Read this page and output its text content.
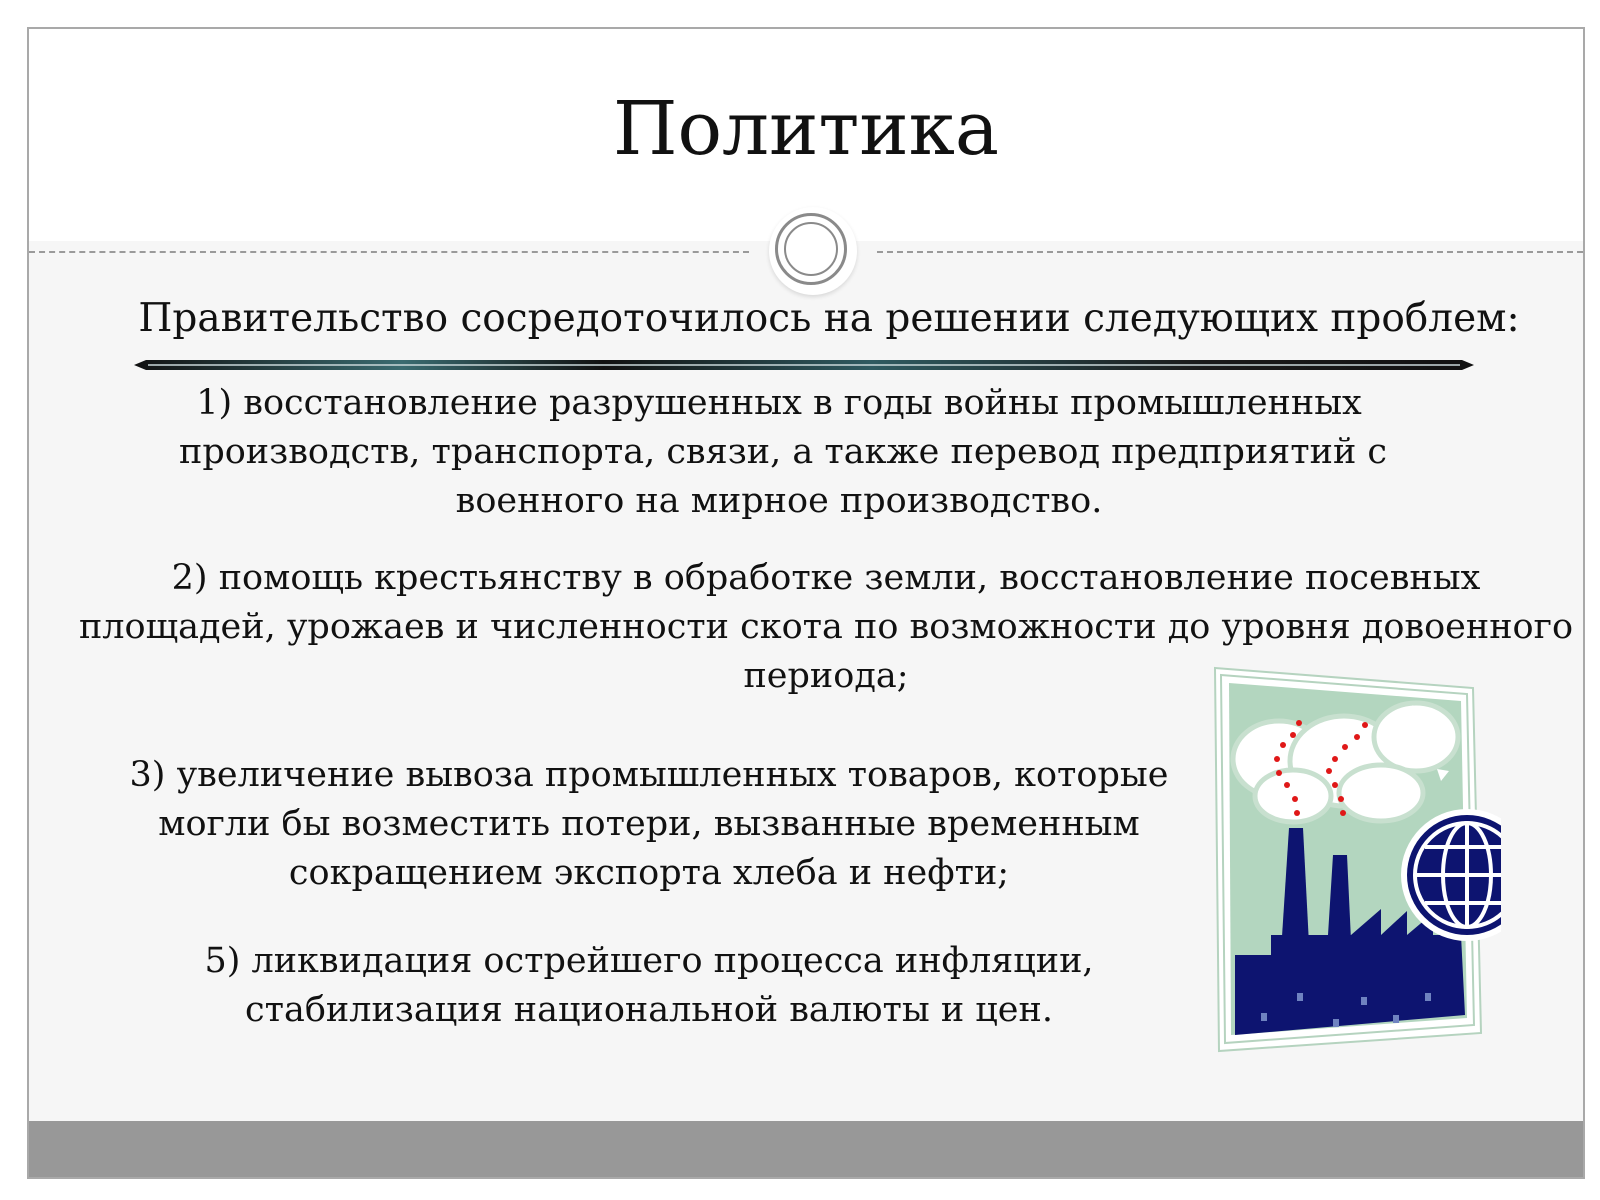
Политика

Правительство сосредоточилось на решении следующих проблем:

1) восстановление разрушенных в годы войны промышленных
производств, транспорта, связи, а также перевод предприятий с
военного на мирное производство.

2) помощь крестьянству в обработке земли, восстановление посевных
площадей, урожаев и численности скота по возможности до уровня довоенного
периода;

3) увеличение вывоза промышленных товаров, которые
могли бы возместить потери, вызванные временным
сокращением экспорта хлеба и нефти;

5) ликвидация острейшего процесса инфляции,
стабилизация национальной валюты и цен.
